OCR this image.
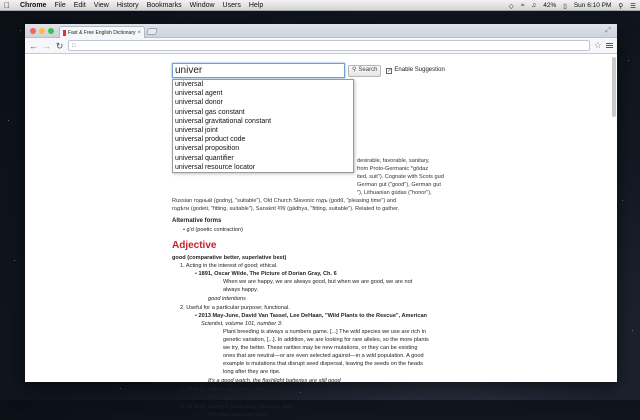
Chrome File Edit View History Bookmarks Window Users Help	◇ ≈ ♫ 42% ▯ Sun 6:10 PM ⚲ ☰
Fast & Free English Dictionary ×	⤢
← → ↻ □	☆
univer
⚲ Search ✓ Enable Suggestion
universal
universal agent
universal donor
universal gas constant
universal gravitational constant
universal joint
universal product code
universal proposition
universal quantifier
universal resource locator
desirable, favorable, sanitary,
from Proto-Germanic *gōdaz
ited, suit"). Cognate with Scots gud
German gut ("good"), German gut
"), Lithuanian gúdas ("honor"),
Russian годный (godnyj, "suitable"), Old Church Slavonic годъ (godŭ, "pleasing time") and
годѣти (godeti, "fitting, suitable"), Sanskrit गाध (gādhya, "fitting, suitable"). Related to gather.
Alternative forms
• g'd (poetic contraction)
Adjective
good (comparative better, superlative best)
1. Acting in the interest of good; ethical.
• 1891, Oscar Wilde, The Picture of Dorian Gray, Ch. 6
When we are happy, we are always good, but when we are good, we are not
always happy.
good intentions
2. Useful for a particular purpose; functional.
• 2013 May-June, David Van Tassel, Lee DeHaan, "Wild Plants to the Rescue", American
Scientist, volume 101, number 3:
Plant breeding is always a numbers game. [...] The wild species we use are rich in
genetic variation, [...]. In addition, we are looking for rare alleles, so the more plants
we try, the better. These rarities may be new mutations, or they can be existing
ones that are neutral—or are even selected against—in a wild population. A good
example is mutations that disrupt seed dispersal, leaving the seeds on the heads
long after they are ripe.
It's a good watch. the flashlight batteries are still good
3. Of food, edible; not stale or rotten.
The bread is still good.
4. Of food, having a particularly pleasant taste.
The food was very good.
